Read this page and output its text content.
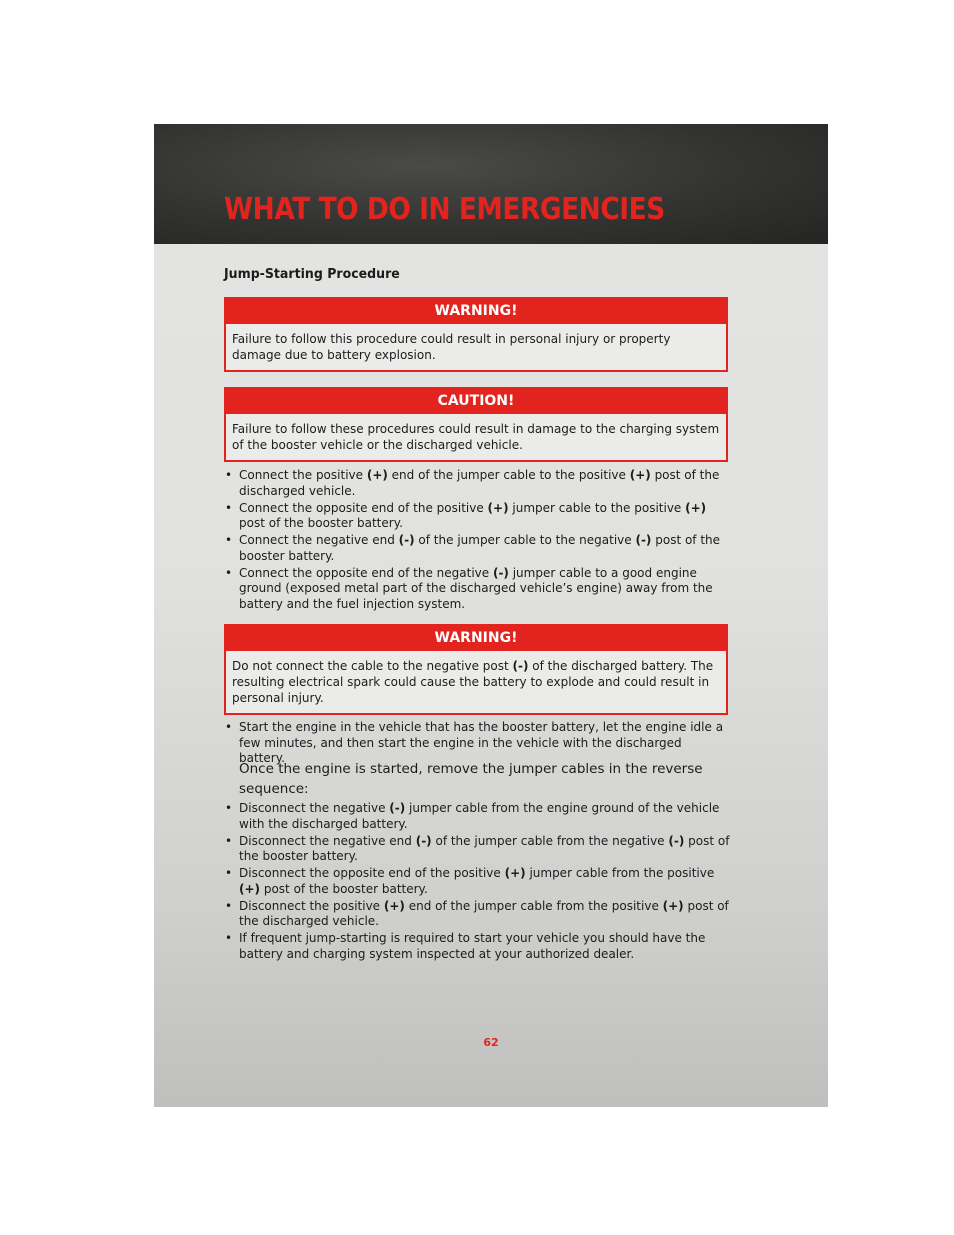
WHAT TO DO IN EMERGENCIES
Jump-Starting Procedure
WARNING!
Failure to follow this procedure could result in personal injury or property damage due to battery explosion.
CAUTION!
Failure to follow these procedures could result in damage to the charging system of the booster vehicle or the discharged vehicle.
• Connect the positive (+) end of the jumper cable to the positive (+) post of the discharged vehicle.
• Connect the opposite end of the positive (+) jumper cable to the positive (+) post of the booster battery.
• Connect the negative end (-) of the jumper cable to the negative (-) post of the booster battery.
• Connect the opposite end of the negative (-) jumper cable to a good engine ground (exposed metal part of the discharged vehicle’s engine) away from the battery and the fuel injection system.
WARNING!
Do not connect the cable to the negative post (-) of the discharged battery. The resulting electrical spark could cause the battery to explode and could result in personal injury.
• Start the engine in the vehicle that has the booster battery, let the engine idle a few minutes, and then start the engine in the vehicle with the discharged battery.
Once the engine is started, remove the jumper cables in the reverse sequence:
• Disconnect the negative (-) jumper cable from the engine ground of the vehicle with the discharged battery.
• Disconnect the negative end (-) of the jumper cable from the negative (-) post of the booster battery.
• Disconnect the opposite end of the positive (+) jumper cable from the positive (+) post of the booster battery.
• Disconnect the positive (+) end of the jumper cable from the positive (+) post of the discharged vehicle.
• If frequent jump-starting is required to start your vehicle you should have the battery and charging system inspected at your authorized dealer.
62
